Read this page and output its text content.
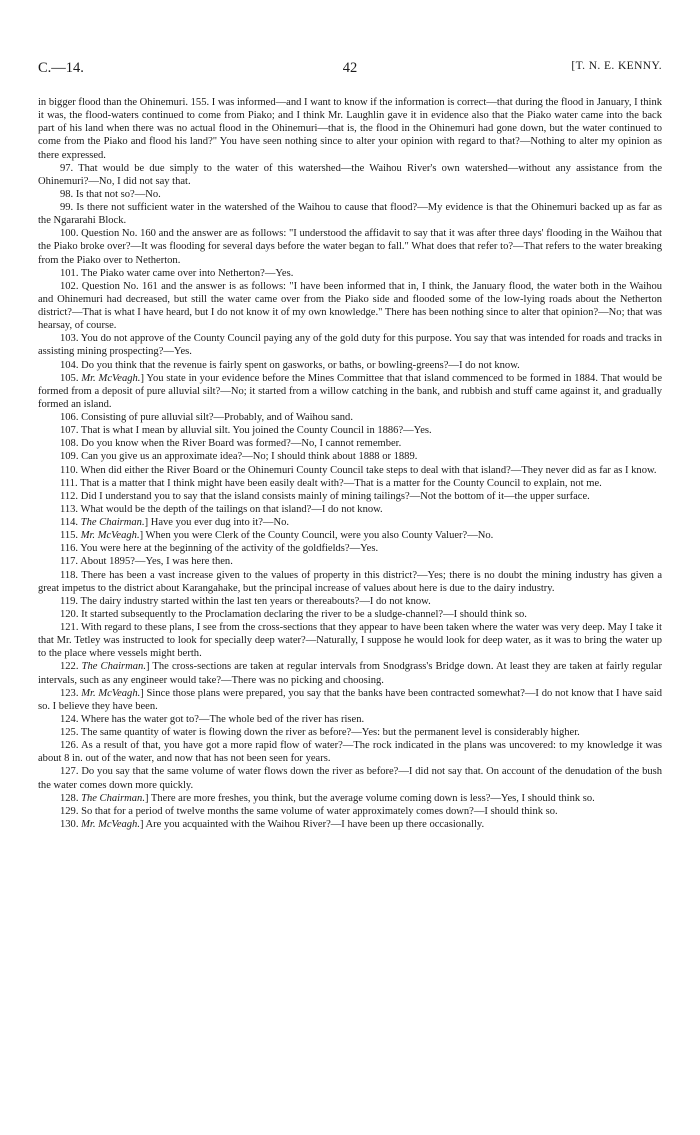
C.—14.	42	[T. N. E. KENNY.

in bigger flood than the Ohinemuri. 155. I was informed—and I want to know if the information is correct—that during the flood in January, I think it was, the flood-waters continued to come from Piako; and I think Mr. Laughlin gave it in evidence also that the Piako water came into the back part of his land when there was no actual flood in the Ohinemuri—that is, the flood in the Ohinemuri had gone down, but the water continued to come from the Piako and flood his land?" You have seen nothing since to alter your opinion with regard to that?—Nothing to alter my opinion as there expressed.

97. That would be due simply to the water of this watershed—the Waihou River's own watershed—without any assistance from the Ohinemuri?—No, I did not say that.

98. Is that not so?—No.

99. Is there not sufficient water in the watershed of the Waihou to cause that flood?—My evidence is that the Ohinemuri backed up as far as the Ngararahi Block.

100. Question No. 160 and the answer are as follows: "I understood the affidavit to say that it was after three days' flooding in the Waihou that the Piako broke over?—It was flooding for several days before the water began to fall." What does that refer to?—That refers to the water breaking from the Piako over to Netherton.

101. The Piako water came over into Netherton?—Yes.

102. Question No. 161 and the answer is as follows: "I have been informed that in, I think, the January flood, the water both in the Waihou and Ohinemuri had decreased, but still the water came over from the Piako side and flooded some of the low-lying roads about the Netherton district?—That is what I have heard, but I do not know it of my own knowledge." There has been nothing since to alter that opinion?—No; that was hearsay, of course.

103. You do not approve of the County Council paying any of the gold duty for this purpose. You say that was intended for roads and tracks in assisting mining prospecting?—Yes.

104. Do you think that the revenue is fairly spent on gasworks, or baths, or bowling-greens?—I do not know.

105. Mr. McVeagh.] You state in your evidence before the Mines Committee that that island commenced to be formed in 1884. That would be formed from a deposit of pure alluvial silt?—No; it started from a willow catching in the bank, and rubbish and stuff came against it, and gradually formed an island.

106. Consisting of pure alluvial silt?—Probably, and of Waihou sand.

107. That is what I mean by alluvial silt. You joined the County Council in 1886?—Yes.

108. Do you know when the River Board was formed?—No, I cannot remember.

109. Can you give us an approximate idea?—No; I should think about 1888 or 1889.

110. When did either the River Board or the Ohinemuri County Council take steps to deal with that island?—They never did as far as I know.

111. That is a matter that I think might have been easily dealt with?—That is a matter for the County Council to explain, not me.

112. Did I understand you to say that the island consists mainly of mining tailings?—Not the bottom of it—the upper surface.

113. What would be the depth of the tailings on that island?—I do not know.

114. The Chairman.] Have you ever dug into it?—No.

115. Mr. McVeagh.] When you were Clerk of the County Council, were you also County Valuer?—No.

116. You were here at the beginning of the activity of the goldfields?—Yes.

117. About 1895?—Yes, I was here then.

118. There has been a vast increase given to the values of property in this district?—Yes; there is no doubt the mining industry has given a great impetus to the district about Karangahake, but the principal increase of values about here is due to the dairy industry.

119. The dairy industry started within the last ten years or thereabouts?—I do not know.

120. It started subsequently to the Proclamation declaring the river to be a sludge-channel?—I should think so.

121. With regard to these plans, I see from the cross-sections that they appear to have been taken where the water was very deep. May I take it that Mr. Tetley was instructed to look for specially deep water?—Naturally, I suppose he would look for deep water, as it was to bring the water up to the place where vessels might berth.

122. The Chairman.] The cross-sections are taken at regular intervals from Snodgrass's Bridge down. At least they are taken at fairly regular intervals, such as any engineer would take?—There was no picking and choosing.

123. Mr. McVeagh.] Since those plans were prepared, you say that the banks have been contracted somewhat?—I do not know that I have said so. I believe they have been.

124. Where has the water got to?—The whole bed of the river has risen.

125. The same quantity of water is flowing down the river as before?—Yes: but the permanent level is considerably higher.

126. As a result of that, you have got a more rapid flow of water?—The rock indicated in the plans was uncovered: to my knowledge it was about 8 in. out of the water, and now that has not been seen for years.

127. Do you say that the same volume of water flows down the river as before?—I did not say that. On account of the denudation of the bush the water comes down more quickly.

128. The Chairman.] There are more freshes, you think, but the average volume coming down is less?—Yes, I should think so.

129. So that for a period of twelve months the same volume of water approximately comes down?—I should think so.

130. Mr. McVeagh.] Are you acquainted with the Waihou River?—I have been up there occasionally.
